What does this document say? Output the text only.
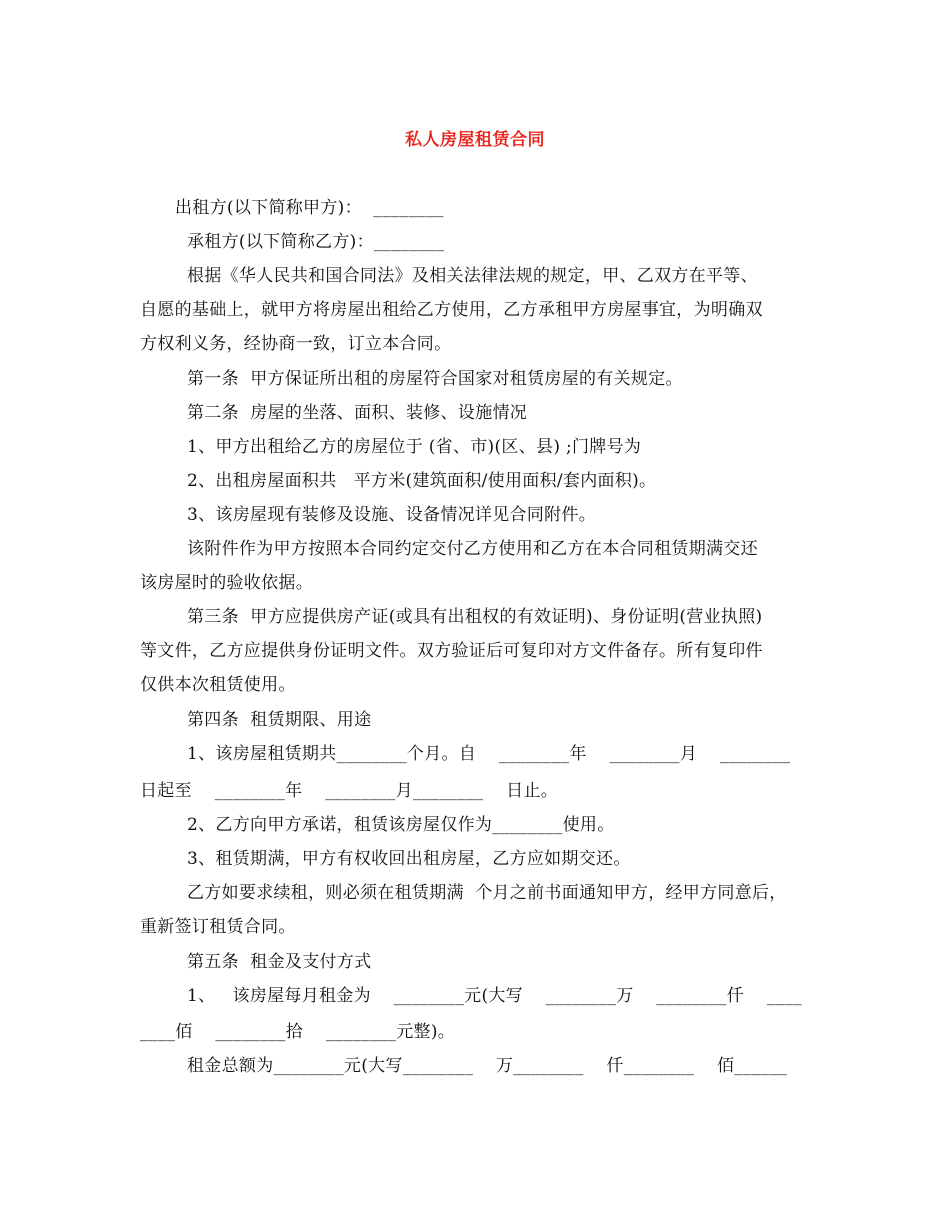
私人房屋租赁合同
出租方(以下简称甲方)：  ________
承租方(以下简称乙方)：________
根据《华人民共和国合同法》及相关法律法规的规定，甲、乙双方在平等、
自愿的基础上，就甲方将房屋出租给乙方使用，乙方承租甲方房屋事宜，为明确双
方权利义务，经协商一致，订立本合同。
第一条  甲方保证所出租的房屋符合国家对租赁房屋的有关规定。
第二条  房屋的坐落、面积、装修、设施情况
1、甲方出租给乙方的房屋位于 (省、市)(区、县) ;门牌号为
2、出租房屋面积共   平方米(建筑面积/使用面积/套内面积)。
3、该房屋现有装修及设施、设备情况详见合同附件。
该附件作为甲方按照本合同约定交付乙方使用和乙方在本合同租赁期满交还
该房屋时的验收依据。
第三条  甲方应提供房产证(或具有出租权的有效证明)、身份证明(营业执照)
等文件，乙方应提供身份证明文件。双方验证后可复印对方文件备存。所有复印件
仅供本次租赁使用。
第四条  租赁期限、用途
1、该房屋租赁期共________个月。自    ________年    ________月    ________
日起至    ________年    ________月________    日止。
2、乙方向甲方承诺，租赁该房屋仅作为________使用。
3、租赁期满，甲方有权收回出租房屋，乙方应如期交还。
乙方如要求续租，则必须在租赁期满  个月之前书面通知甲方，经甲方同意后，
重新签订租赁合同。
第五条  租金及支付方式
1、   该房屋每月租金为    ________元(大写    ________万    ________仟    ____
____佰    ________拾    ________元整)。
租金总额为________元(大写________    万________    仟________    佰______
